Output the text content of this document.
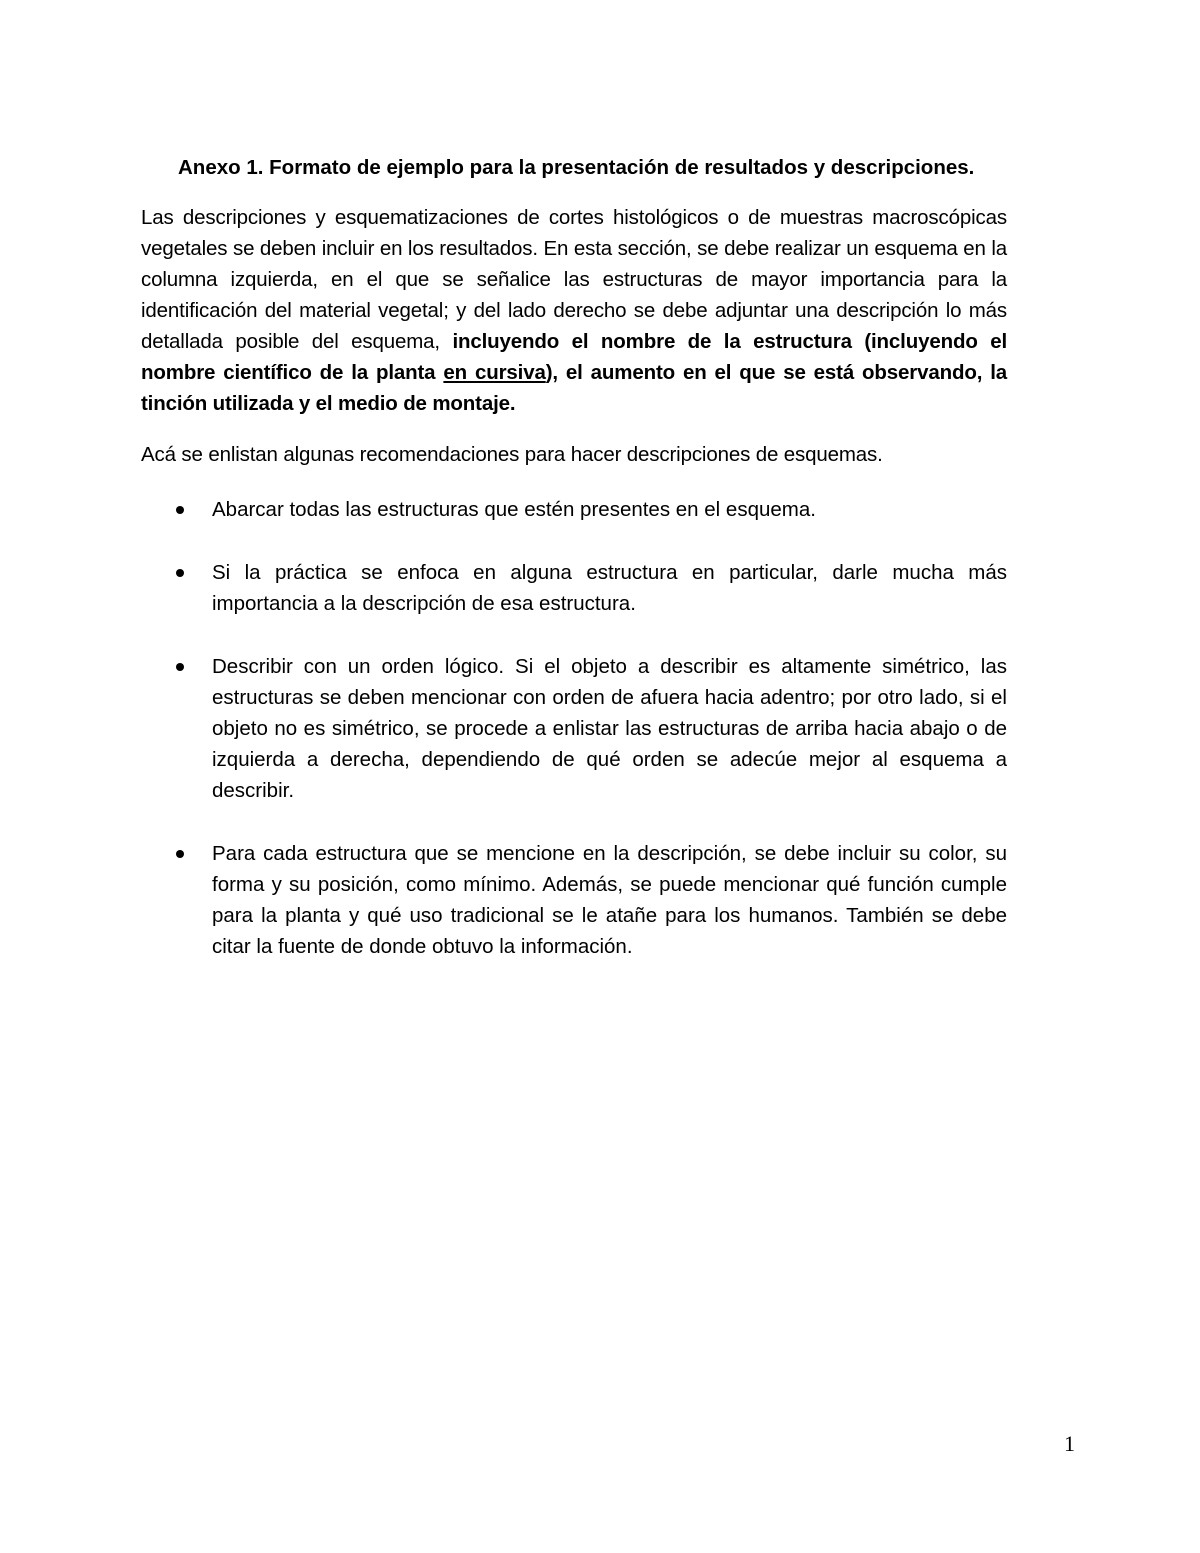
Anexo 1. Formato de ejemplo para la presentación de resultados y descripciones.

Las descripciones y esquematizaciones de cortes histológicos o de muestras macroscópicas vegetales se deben incluir en los resultados. En esta sección, se debe realizar un esquema en la columna izquierda, en el que se señalice las estructuras de mayor importancia para la identificación del material vegetal; y del lado derecho se debe adjuntar una descripción lo más detallada posible del esquema, incluyendo el nombre de la estructura (incluyendo el nombre científico de la planta en cursiva), el aumento en el que se está observando, la tinción utilizada y el medio de montaje.

Acá se enlistan algunas recomendaciones para hacer descripciones de esquemas.

Abarcar todas las estructuras que estén presentes en el esquema.
Si la práctica se enfoca en alguna estructura en particular, darle mucha más importancia a la descripción de esa estructura.
Describir con un orden lógico. Si el objeto a describir es altamente simétrico, las estructuras se deben mencionar con orden de afuera hacia adentro; por otro lado, si el objeto no es simétrico, se procede a enlistar las estructuras de arriba hacia abajo o de izquierda a derecha, dependiendo de qué orden se adecúe mejor al esquema a describir.
Para cada estructura que se mencione en la descripción, se debe incluir su color, su forma y su posición, como mínimo. Además, se puede mencionar qué función cumple para la planta y qué uso tradicional se le atañe para los humanos. También se debe citar la fuente de donde obtuvo la información.
1
